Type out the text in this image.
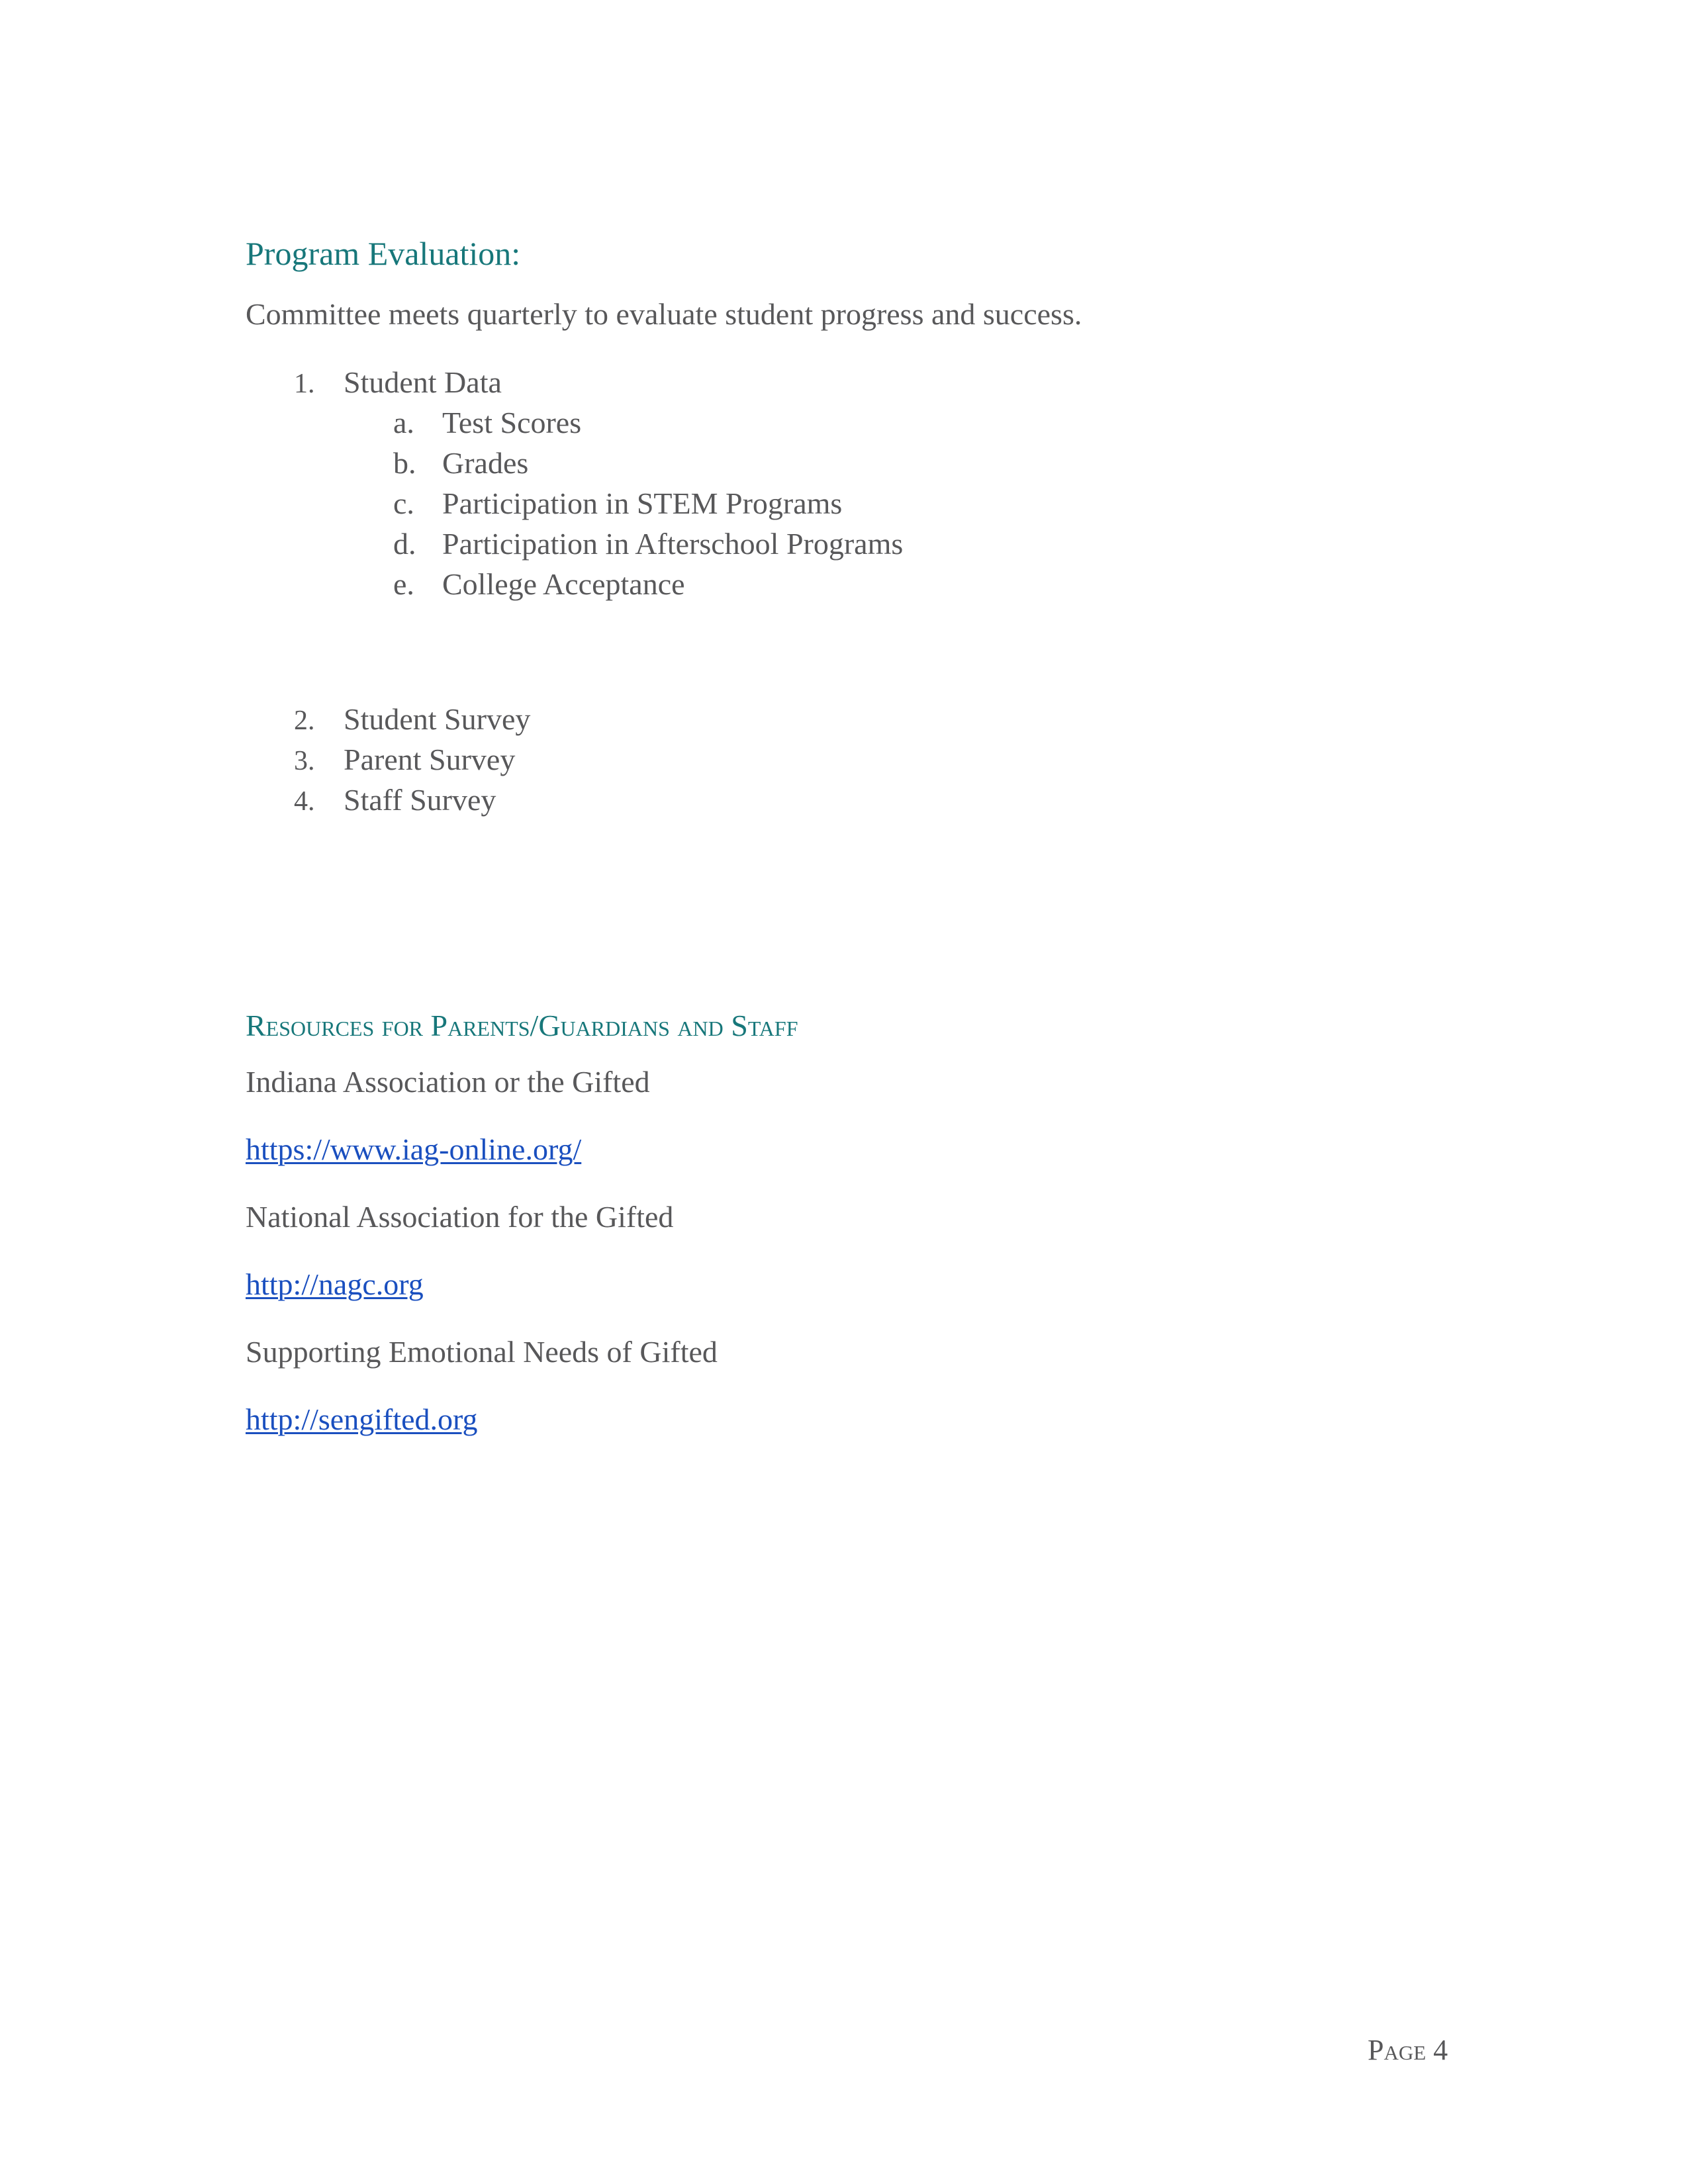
Program Evaluation:
Committee meets quarterly to evaluate student progress and success.
1. Student Data
a. Test Scores
b. Grades
c. Participation in STEM Programs
d. Participation in Afterschool Programs
e. College Acceptance
2. Student Survey
3. Parent Survey
4. Staff Survey
Resources for Parents/Guardians and Staff
Indiana Association or the Gifted
https://www.iag-online.org/
National Association for the Gifted
http://nagc.org
Supporting Emotional Needs of Gifted
http://sengifted.org
Page 4
